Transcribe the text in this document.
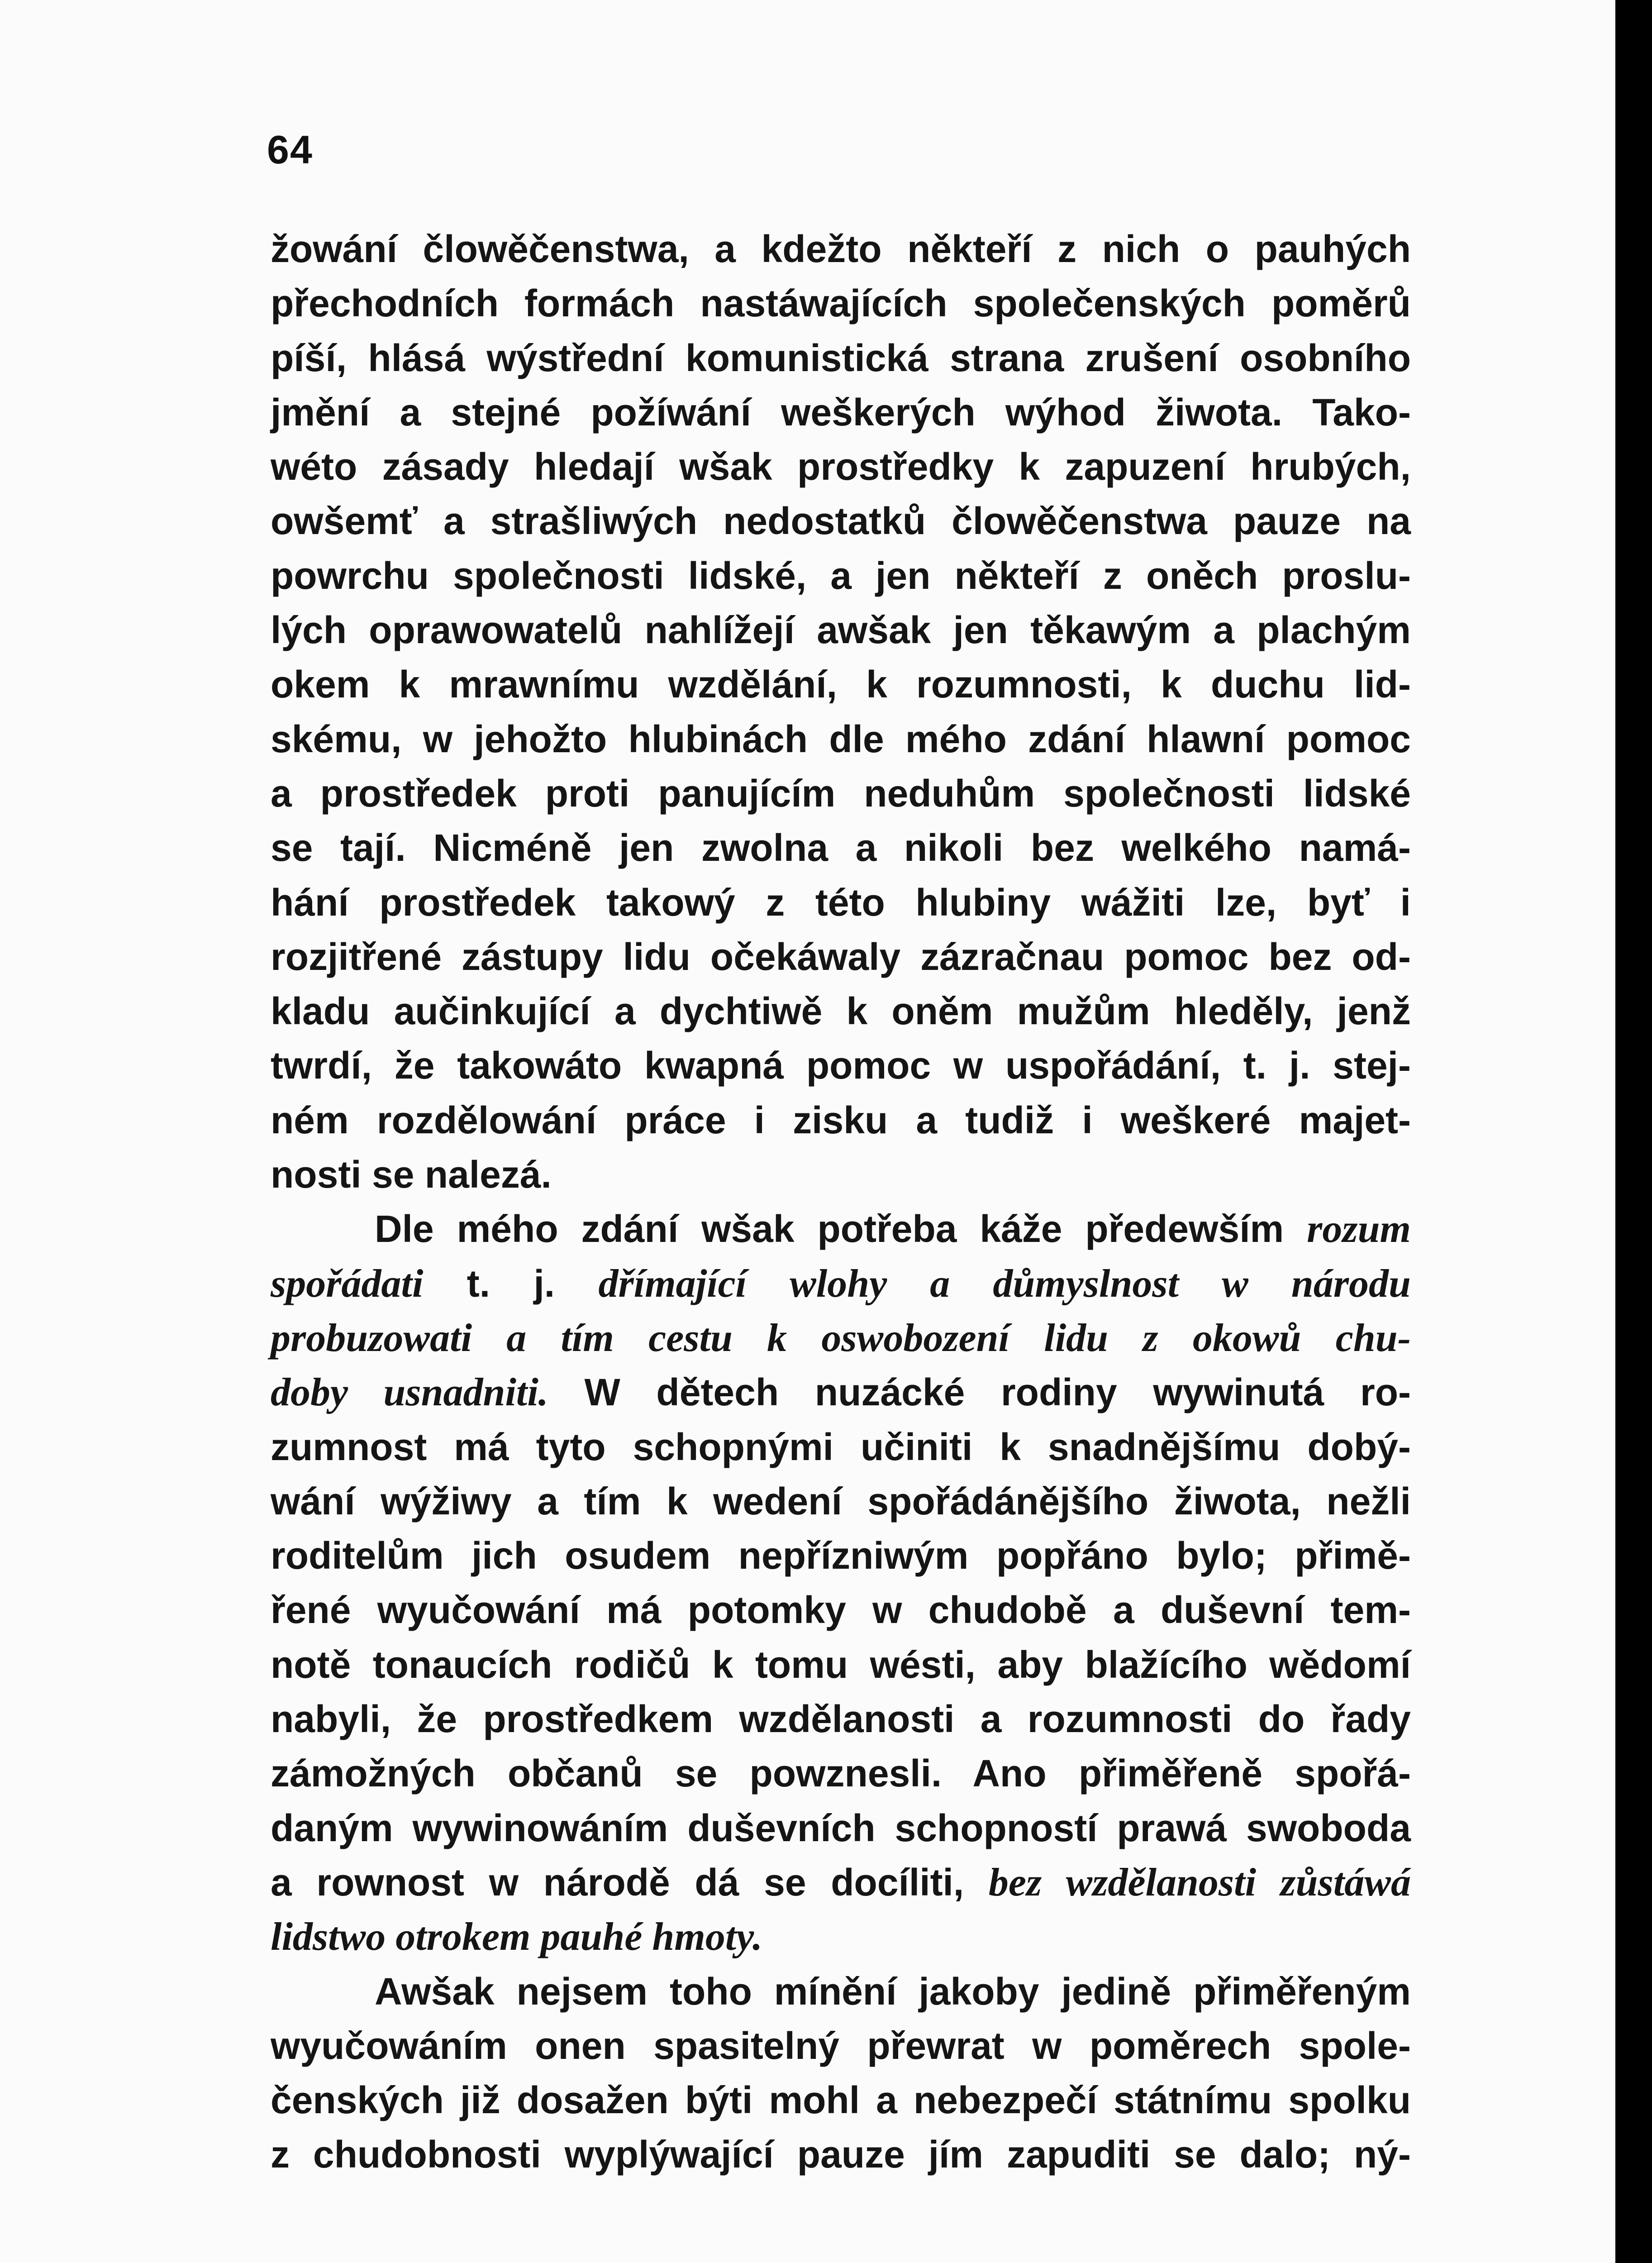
64
žowání člowěčenstwa, a kdežto někteří z nich o pauhých
přechodních formách nastáwajících společenských poměrů
píší, hlásá wýstřední komunistická strana zrušení osobního
jmění a stejné požíwání weškerých wýhod žiwota. Tako-
wéto zásady hledají wšak prostředky k zapuzení hrubých,
owšemť a strašliwých nedostatků člowěčenstwa pauze na
powrchu společnosti lidské, a jen někteří z oněch proslu-
lých oprawowatelů nahlížejí awšak jen těkawým a plachým
okem k mrawnímu wzdělání, k rozumnosti, k duchu lid-
skému, w jehožto hlubinách dle mého zdání hlawní pomoc
a prostředek proti panujícím neduhům společnosti lidské
se tají. Nicméně jen zwolna a nikoli bez welkého namá-
hání prostředek takowý z této hlubiny wážiti lze, byť i
rozjitřené zástupy lidu očekáwaly zázračnau pomoc bez od-
kladu aučinkující a dychtiwě k oněm mužům hleděly, jenž
twrdí, že takowáto kwapná pomoc w uspořádání, t. j. stej-
ném rozdělowání práce i zisku a tudiž i weškeré majet-
nosti se nalezá.
Dle mého zdání wšak potřeba káže předewším rozum
spořádati t. j. dřímající wlohy a důmyslnost w národu
probuzowati a tím cestu k oswobození lidu z okowů chu-
doby usnadniti. W dětech nuzácké rodiny wywinutá ro-
zumnost má tyto schopnými učiniti k snadnějšímu dobý-
wání wýžiwy a tím k wedení spořádánějšího žiwota, nežli
roditelům jich osudem nepřízniwým popřáno bylo; přimě-
řené wyučowání má potomky w chudobě a duševní tem-
notě tonaucích rodičů k tomu wésti, aby blažícího wědomí
nabyli, že prostředkem wzdělanosti a rozumnosti do řady
zámožných občanů se powznesli. Ano přiměřeně spořá-
daným wywinowáním duševních schopností prawá swoboda
a rownost w národě dá se docíliti, bez wzdělanosti zůstáwá
lidstwo otrokem pauhé hmoty.
Awšak nejsem toho mínění jakoby jedině přiměřeným
wyučowáním onen spasitelný přewrat w poměrech spole-
čenských již dosažen býti mohl a nebezpečí státnímu spolku
z chudobnosti wyplýwající pauze jím zapuditi se dalo; ný-
